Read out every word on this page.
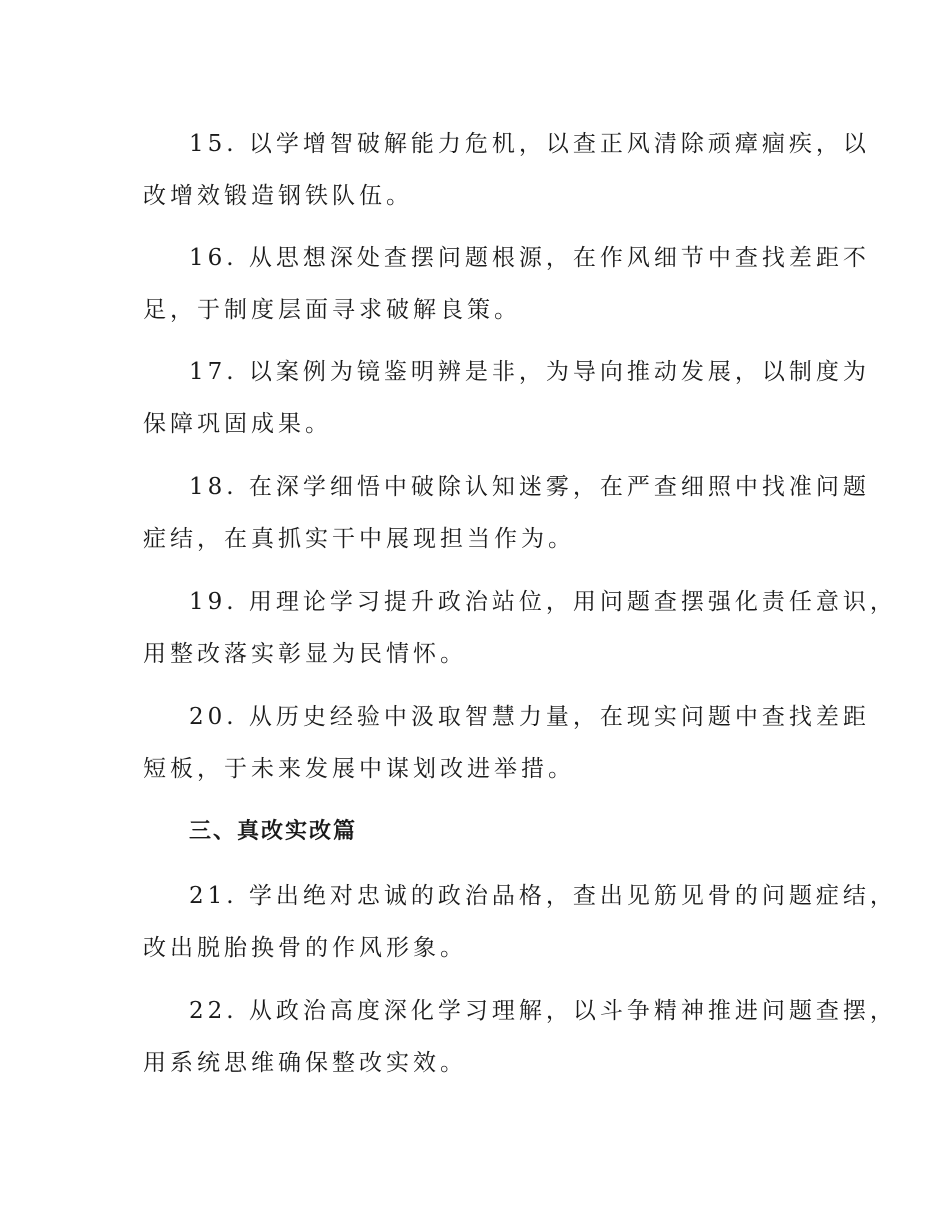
15. 以学增智破解能力危机，以查正风清除顽瘴痼疾，以
改增效锻造钢铁队伍。
16. 从思想深处查摆问题根源，在作风细节中查找差距不
足，于制度层面寻求破解良策。
17. 以案例为镜鉴明辨是非，为导向推动发展，以制度为
保障巩固成果。
18. 在深学细悟中破除认知迷雾，在严查细照中找准问题
症结，在真抓实干中展现担当作为。
19. 用理论学习提升政治站位，用问题查摆强化责任意识，
用整改落实彰显为民情怀。
20. 从历史经验中汲取智慧力量，在现实问题中查找差距
短板，于未来发展中谋划改进举措。
三、真改实改篇
21. 学出绝对忠诚的政治品格，查出见筋见骨的问题症结，
改出脱胎换骨的作风形象。
22. 从政治高度深化学习理解，以斗争精神推进问题查摆，
用系统思维确保整改实效。
